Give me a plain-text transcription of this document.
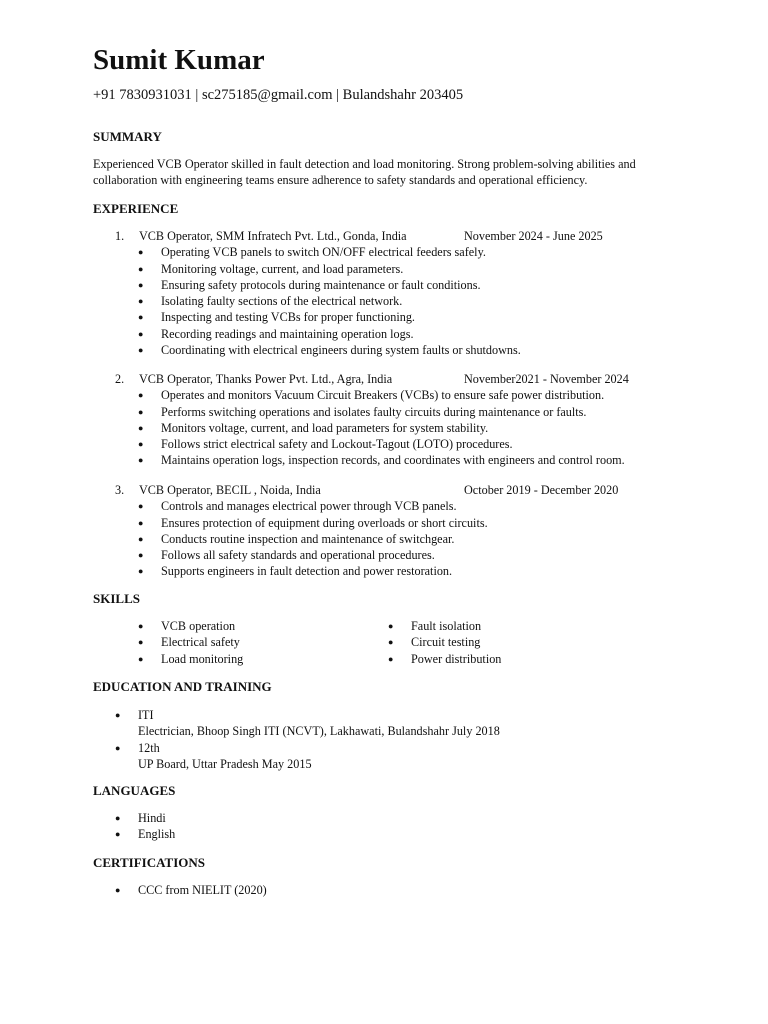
Sumit Kumar
+91 7830931031 | sc275185@gmail.com | Bulandshahr 203405
SUMMARY
Experienced VCB Operator skilled in fault detection and load monitoring. Strong problem-solving abilities and collaboration with engineering teams ensure adherence to safety standards and operational efficiency.
EXPERIENCE
1. VCB Operator, SMM Infratech Pvt. Ltd., Gonda, India	November 2024 - June 2025
● Operating VCB panels to switch ON/OFF electrical feeders safely.
● Monitoring voltage, current, and load parameters.
● Ensuring safety protocols during maintenance or fault conditions.
● Isolating faulty sections of the electrical network.
● Inspecting and testing VCBs for proper functioning.
● Recording readings and maintaining operation logs.
● Coordinating with electrical engineers during system faults or shutdowns.
2. VCB Operator, Thanks Power Pvt. Ltd., Agra, India	November2021 - November 2024
● Operates and monitors Vacuum Circuit Breakers (VCBs) to ensure safe power distribution.
● Performs switching operations and isolates faulty circuits during maintenance or faults.
● Monitors voltage, current, and load parameters for system stability.
● Follows strict electrical safety and Lockout-Tagout (LOTO) procedures.
● Maintains operation logs, inspection records, and coordinates with engineers and control room.
3. VCB Operator, BECIL , Noida, India	October 2019 - December 2020
● Controls and manages electrical power through VCB panels.
● Ensures protection of equipment during overloads or short circuits.
● Conducts routine inspection and maintenance of switchgear.
● Follows all safety standards and operational procedures.
● Supports engineers in fault detection and power restoration.
SKILLS
● VCB operation
● Electrical safety
● Load monitoring
● Fault isolation
● Circuit testing
● Power distribution
EDUCATION AND TRAINING
● ITI
Electrician, Bhoop Singh ITI (NCVT), Lakhawati, Bulandshahr July 2018
● 12th
UP Board, Uttar Pradesh May 2015
LANGUAGES
● Hindi
● English
CERTIFICATIONS
● CCC from NIELIT (2020)
